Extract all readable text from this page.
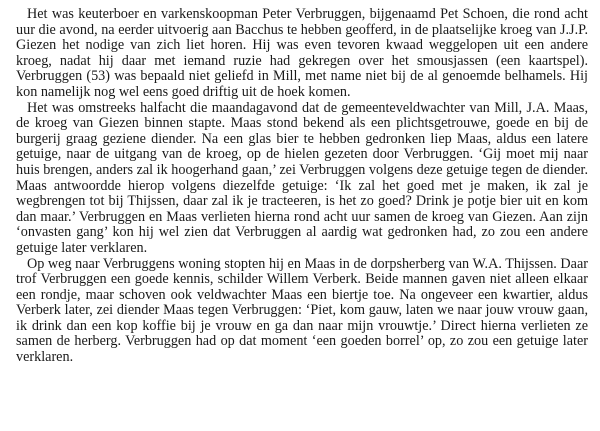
Het was keuterboer en varkenskoopman Peter Verbruggen, bijgenaamd Pet Schoen, die rond acht uur die avond, na eerder uitvoerig aan Bacchus te hebben geofferd, in de plaatselijke kroeg van J.J.P. Giezen het nodige van zich liet horen. Hij was even tevoren kwaad weggelopen uit een andere kroeg, nadat hij daar met iemand ruzie had gekregen over het smousjassen (een kaartspel). Verbruggen (53) was bepaald niet geliefd in Mill, met name niet bij de al genoemde belhamels. Hij kon namelijk nog wel eens goed driftig uit de hoek komen.

Het was omstreeks halfacht die maandagavond dat de gemeenteveldwachter van Mill, J.A. Maas, de kroeg van Giezen binnen stapte. Maas stond bekend als een plichtsgetrouwe, goede en bij de burgerij graag geziene diender. Na een glas bier te hebben gedronken liep Maas, aldus een latere getuige, naar de uitgang van de kroeg, op de hielen gezeten door Verbruggen. ‘Gij moet mij naar huis brengen, anders zal ik hoogerhand gaan,’ zei Verbruggen volgens deze getuige tegen de diender. Maas antwoordde hierop volgens diezelfde getuige: ‘Ik zal het goed met je maken, ik zal je wegbrengen tot bij Thijssen, daar zal ik je tracteeren, is het zo goed? Drink je potje bier uit en kom dan maar.’ Verbruggen en Maas verlieten hierna rond acht uur samen de kroeg van Giezen. Aan zijn ‘onvasten gang’ kon hij wel zien dat Verbruggen al aardig wat gedronken had, zo zou een andere getuige later verklaren.

Op weg naar Verbruggens woning stopten hij en Maas in de dorpsherberg van W.A. Thijssen. Daar trof Verbruggen een goede kennis, schilder Willem Verberk. Beide mannen gaven niet alleen elkaar een rondje, maar schoven ook veldwachter Maas een biertje toe. Na ongeveer een kwartier, aldus Verberk later, zei diender Maas tegen Verbruggen: ‘Piet, kom gauw, laten we naar jouw vrouw gaan, ik drink dan een kop koffie bij je vrouw en ga dan naar mijn vrouwtje.’ Direct hierna verlieten ze samen de herberg. Verbruggen had op dat moment ‘een goeden borrel’ op, zo zou een getuige later verklaren.
